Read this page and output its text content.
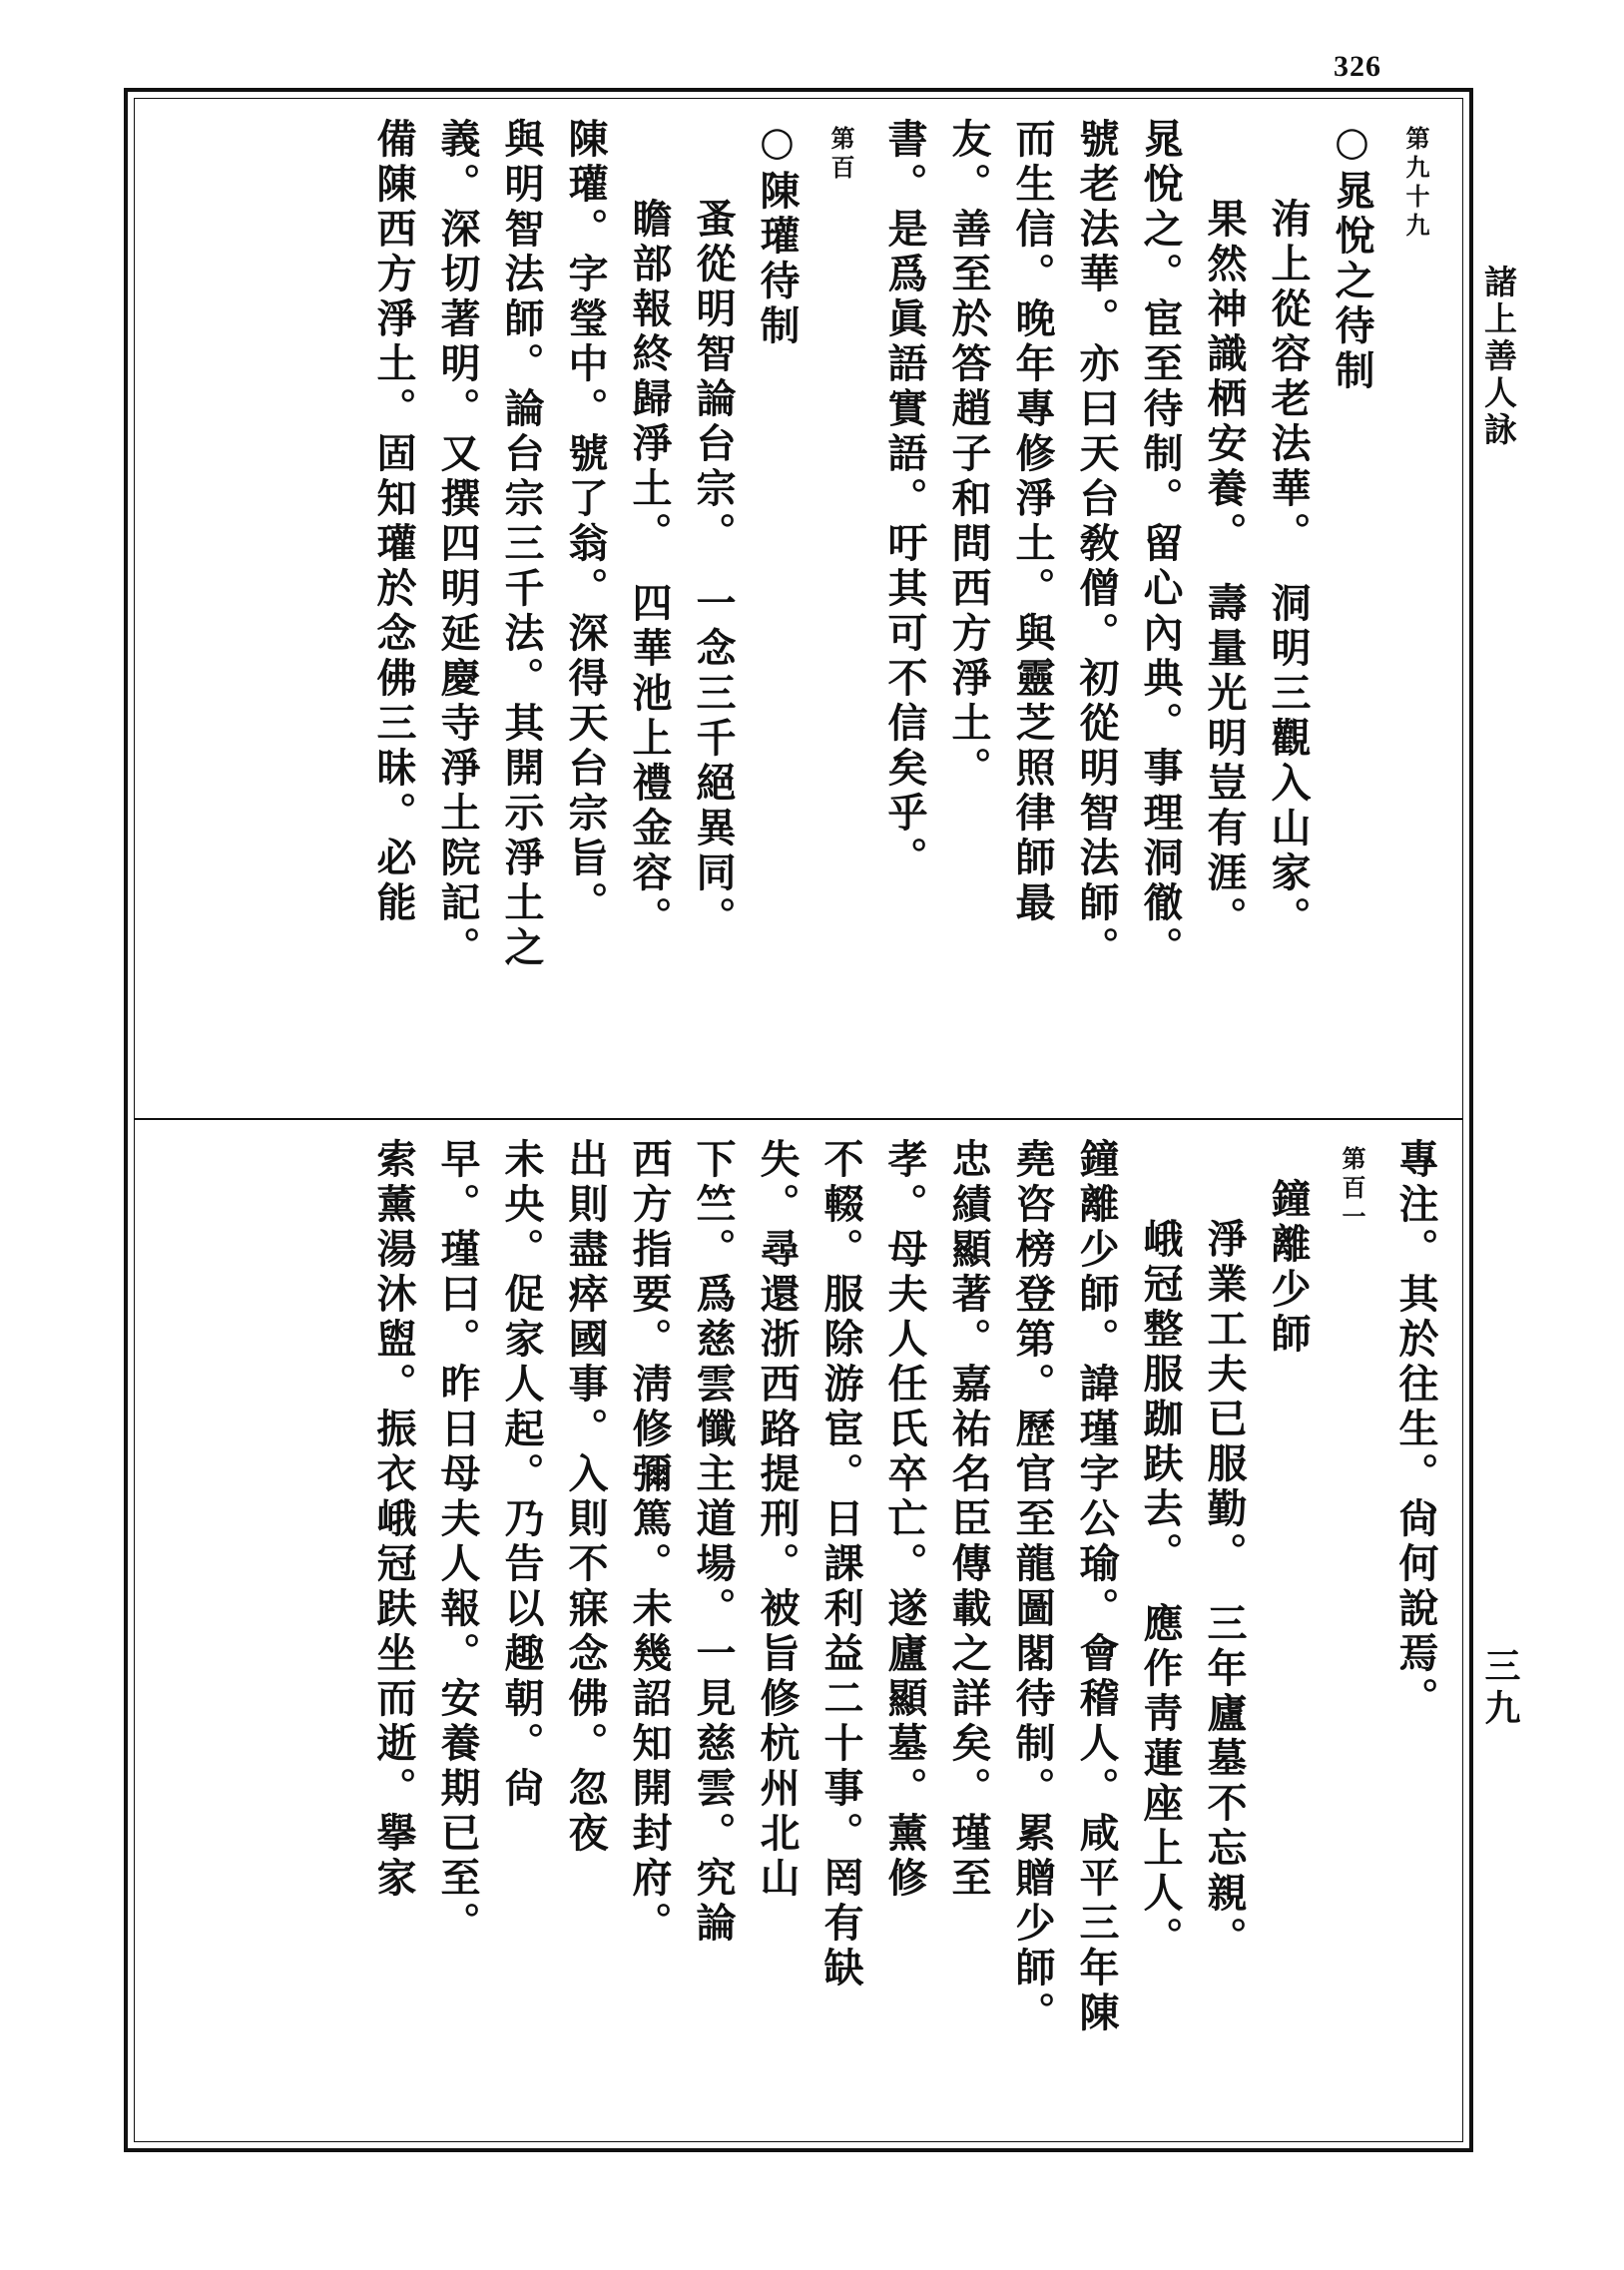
326
諸上善人詠
三九
第九十九
○晁悅之待制
洧上從容老法華。　洞明三觀入山家。
果然神識栖安養。　壽量光明豈有涯。
晁悅之。宦至待制。留心內典。事理洞徹。
號老法華。亦曰天台敎僧。初從明智法師。
而生信。晚年專修淨土。與靈芝照律師最
友。善至於答趙子和問西方淨土。
書。是爲眞語實語。吁其可不信矣乎。
第百
○陳瓘待制
蚤從明智論台宗。　一念三千絕異同。
瞻部報終歸淨土。　四華池上禮金容。
陳瓘。字瑩中。號了翁。深得天台宗旨。
與明智法師。論台宗三千法。其開示淨土之
義。深切著明。又撰四明延慶寺淨土院記。
備陳西方淨土。固知瓘於念佛三昧。必能
專注。其於往生。尙何說焉。
第百一
鐘離少師
淨業工夫已服勤。　三年廬墓不忘親。
峨冠整服跏趺去。　應作靑蓮座上人。
鐘離少師。諱瑾字公瑜。會稽人。咸平三年陳
堯咨榜登第。歷官至龍圖閣待制。累贈少師。
忠績顯著。嘉祐名臣傳載之詳矣。瑾至
孝。母夫人任氏卒亡。遂廬顯墓。薰修
不輟。服除游宦。日課利益二十事。罔有缺
失。尋還浙西路提刑。被旨修杭州北山
下竺。爲慈雲懺主道場。一見慈雲。究論
西方指要。淸修彌篤。未幾詔知開封府。
出則盡瘁國事。入則不寐念佛。忽夜
未央。促家人起。乃告以趣朝。尙
早。瑾曰。昨日母夫人報。安養期已至。
索薰湯沐盥。振衣峨冠趺坐而逝。擧家
